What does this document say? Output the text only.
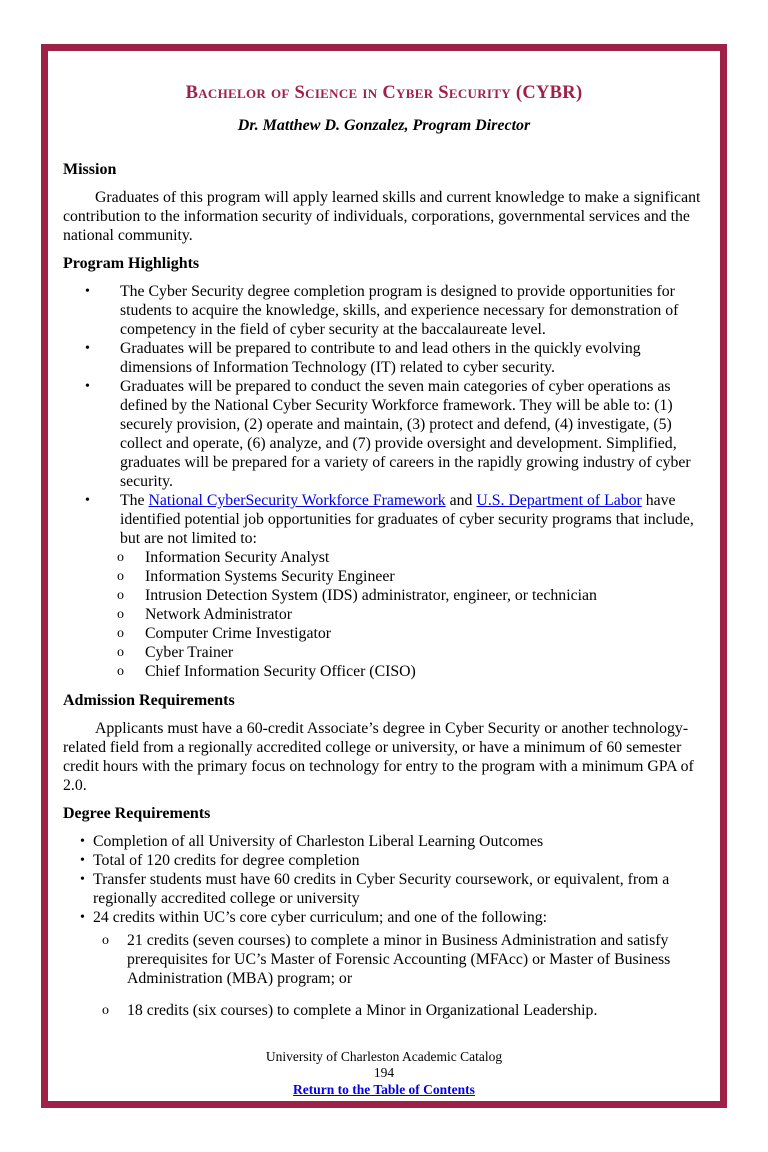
Bachelor of Science in Cyber Security (CYBR)
Dr. Matthew D. Gonzalez, Program Director
Mission

Graduates of this program will apply learned skills and current knowledge to make a significant contribution to the information security of individuals, corporations, governmental services and the national community.

Program Highlights
•	The Cyber Security degree completion program is designed to provide opportunities for students to acquire the knowledge, skills, and experience necessary for demonstration of competency in the field of cyber security at the baccalaureate level.
•	Graduates will be prepared to contribute to and lead others in the quickly evolving dimensions of Information Technology (IT) related to cyber security.
•	Graduates will be prepared to conduct the seven main categories of cyber operations as defined by the National Cyber Security Workforce framework. They will be able to: (1) securely provision, (2) operate and maintain, (3) protect and defend, (4) investigate, (5) collect and operate, (6) analyze, and (7) provide oversight and development. Simplified, graduates will be prepared for a variety of careers in the rapidly growing industry of cyber security.
•	The National CyberSecurity Workforce Framework and U.S. Department of Labor have identified potential job opportunities for graduates of cyber security programs that include, but are not limited to:
o	Information Security Analyst
o	Information Systems Security Engineer
o	Intrusion Detection System (IDS) administrator, engineer, or technician
o	Network Administrator
o	Computer Crime Investigator
o	Cyber Trainer
o	Chief Information Security Officer (CISO)
Admission Requirements

Applicants must have a 60-credit Associate’s degree in Cyber Security or another technology-related field from a regionally accredited college or university, or have a minimum of 60 semester credit hours with the primary focus on technology for entry to the program with a minimum GPA of 2.0.

Degree Requirements
• Completion of all University of Charleston Liberal Learning Outcomes
• Total of 120 credits for degree completion
• Transfer students must have 60 credits in Cyber Security coursework, or equivalent, from a regionally accredited college or university
• 24 credits within UC’s core cyber curriculum; and one of the following:
o	21 credits (seven courses) to complete a minor in Business Administration and satisfy prerequisites for UC’s Master of Forensic Accounting (MFAcc) or Master of Business Administration (MBA) program; or
o	18 credits (six courses) to complete a Minor in Organizational Leadership.
University of Charleston Academic Catalog
194
Return to the Table of Contents
